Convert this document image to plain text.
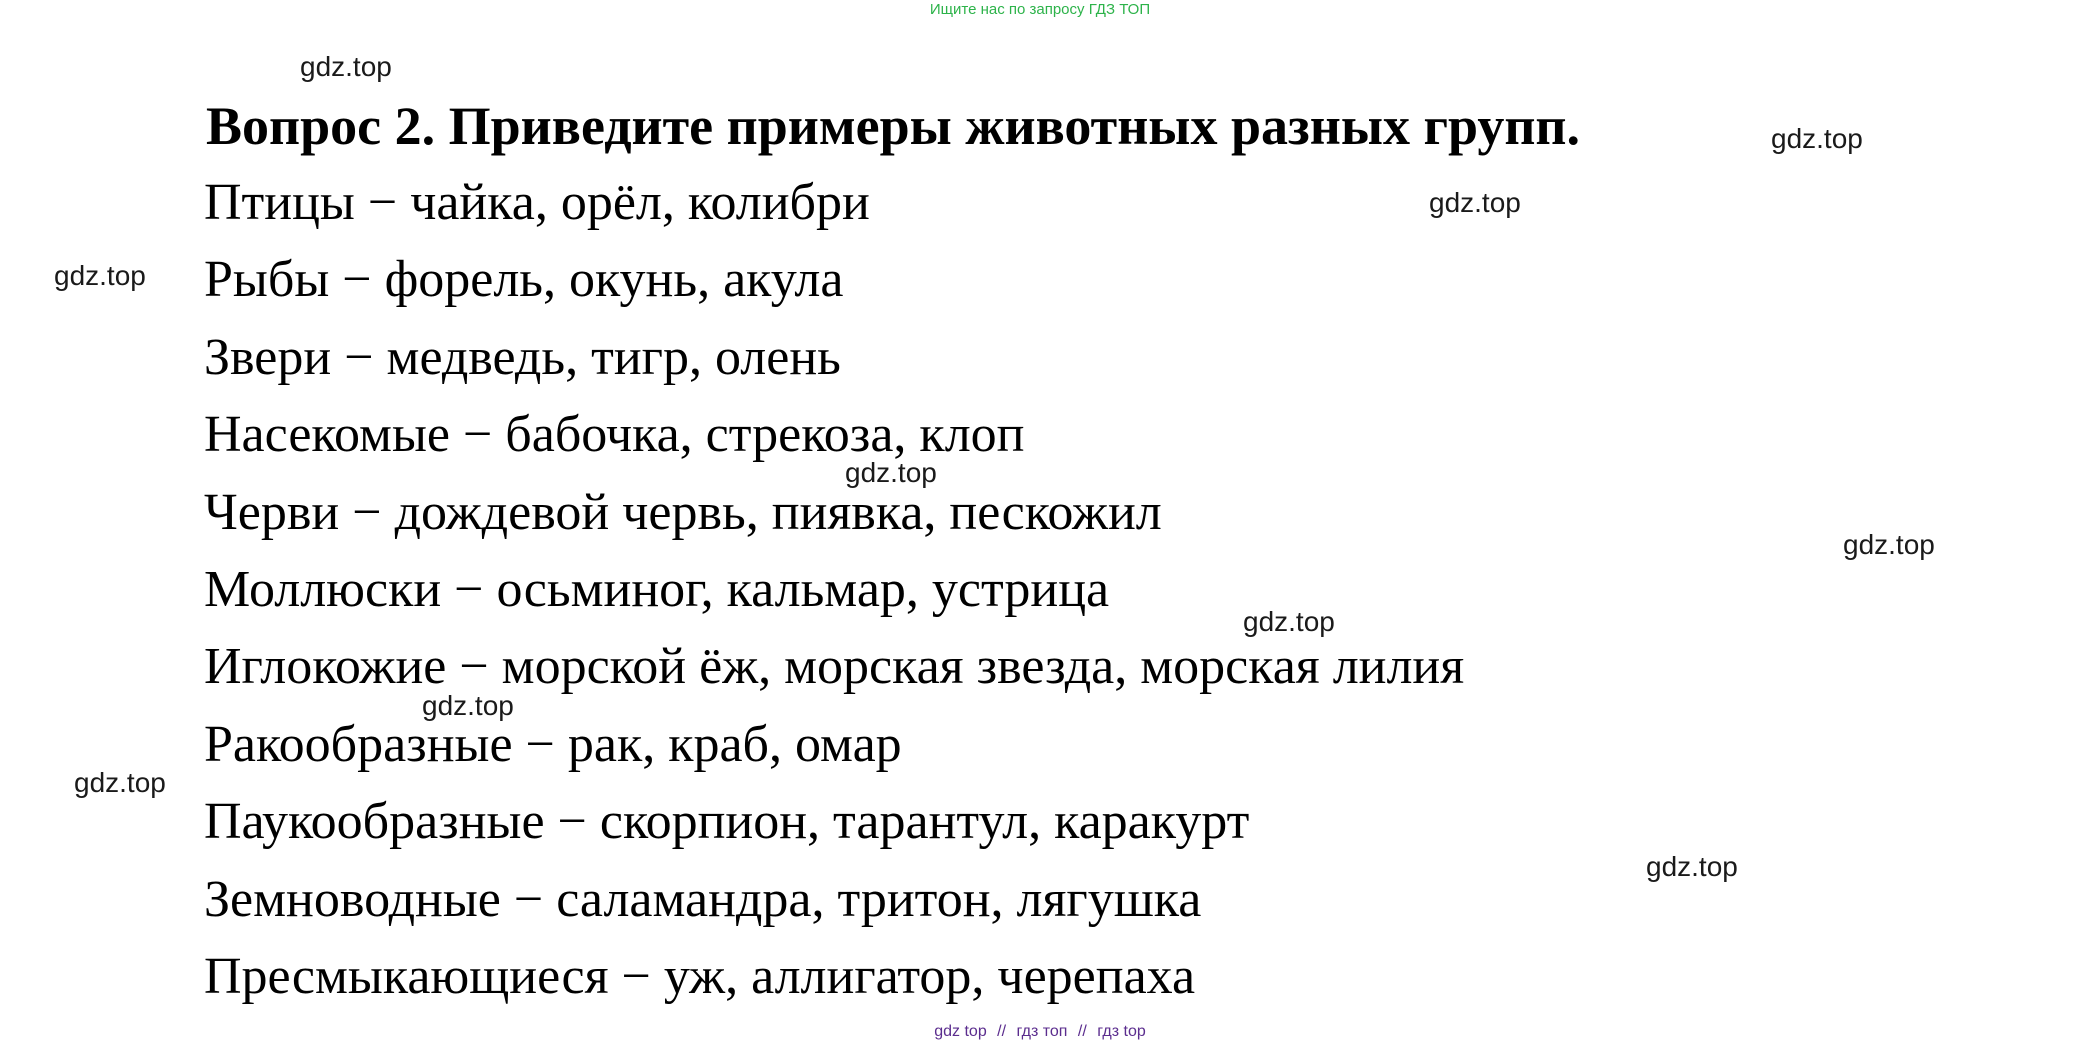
Ищите нас по запросу ГДЗ ТОП
gdz.top
gdz.top
gdz.top
gdz.top
gdz.top
gdz.top
gdz.top
gdz.top
gdz.top
gdz.top
Вопрос 2. Приведите примеры животных разных групп.
Птицы − чайка, орёл, колибри
Рыбы − форель, окунь, акула
Звери − медведь, тигр, олень
Насекомые − бабочка, стрекоза, клоп
Черви − дождевой червь, пиявка, пескожил
Моллюски − осьминог, кальмар, устрица
Иглокожие − морской ёж, морская звезда, морская лилия
Ракообразные − рак, краб, омар
Паукообразные − скорпион, тарантул, каракурт
Земноводные − саламандра, тритон, лягушка
Пресмыкающиеся − уж, аллигатор, черепаха
gdz top // гдз топ // гдз top
